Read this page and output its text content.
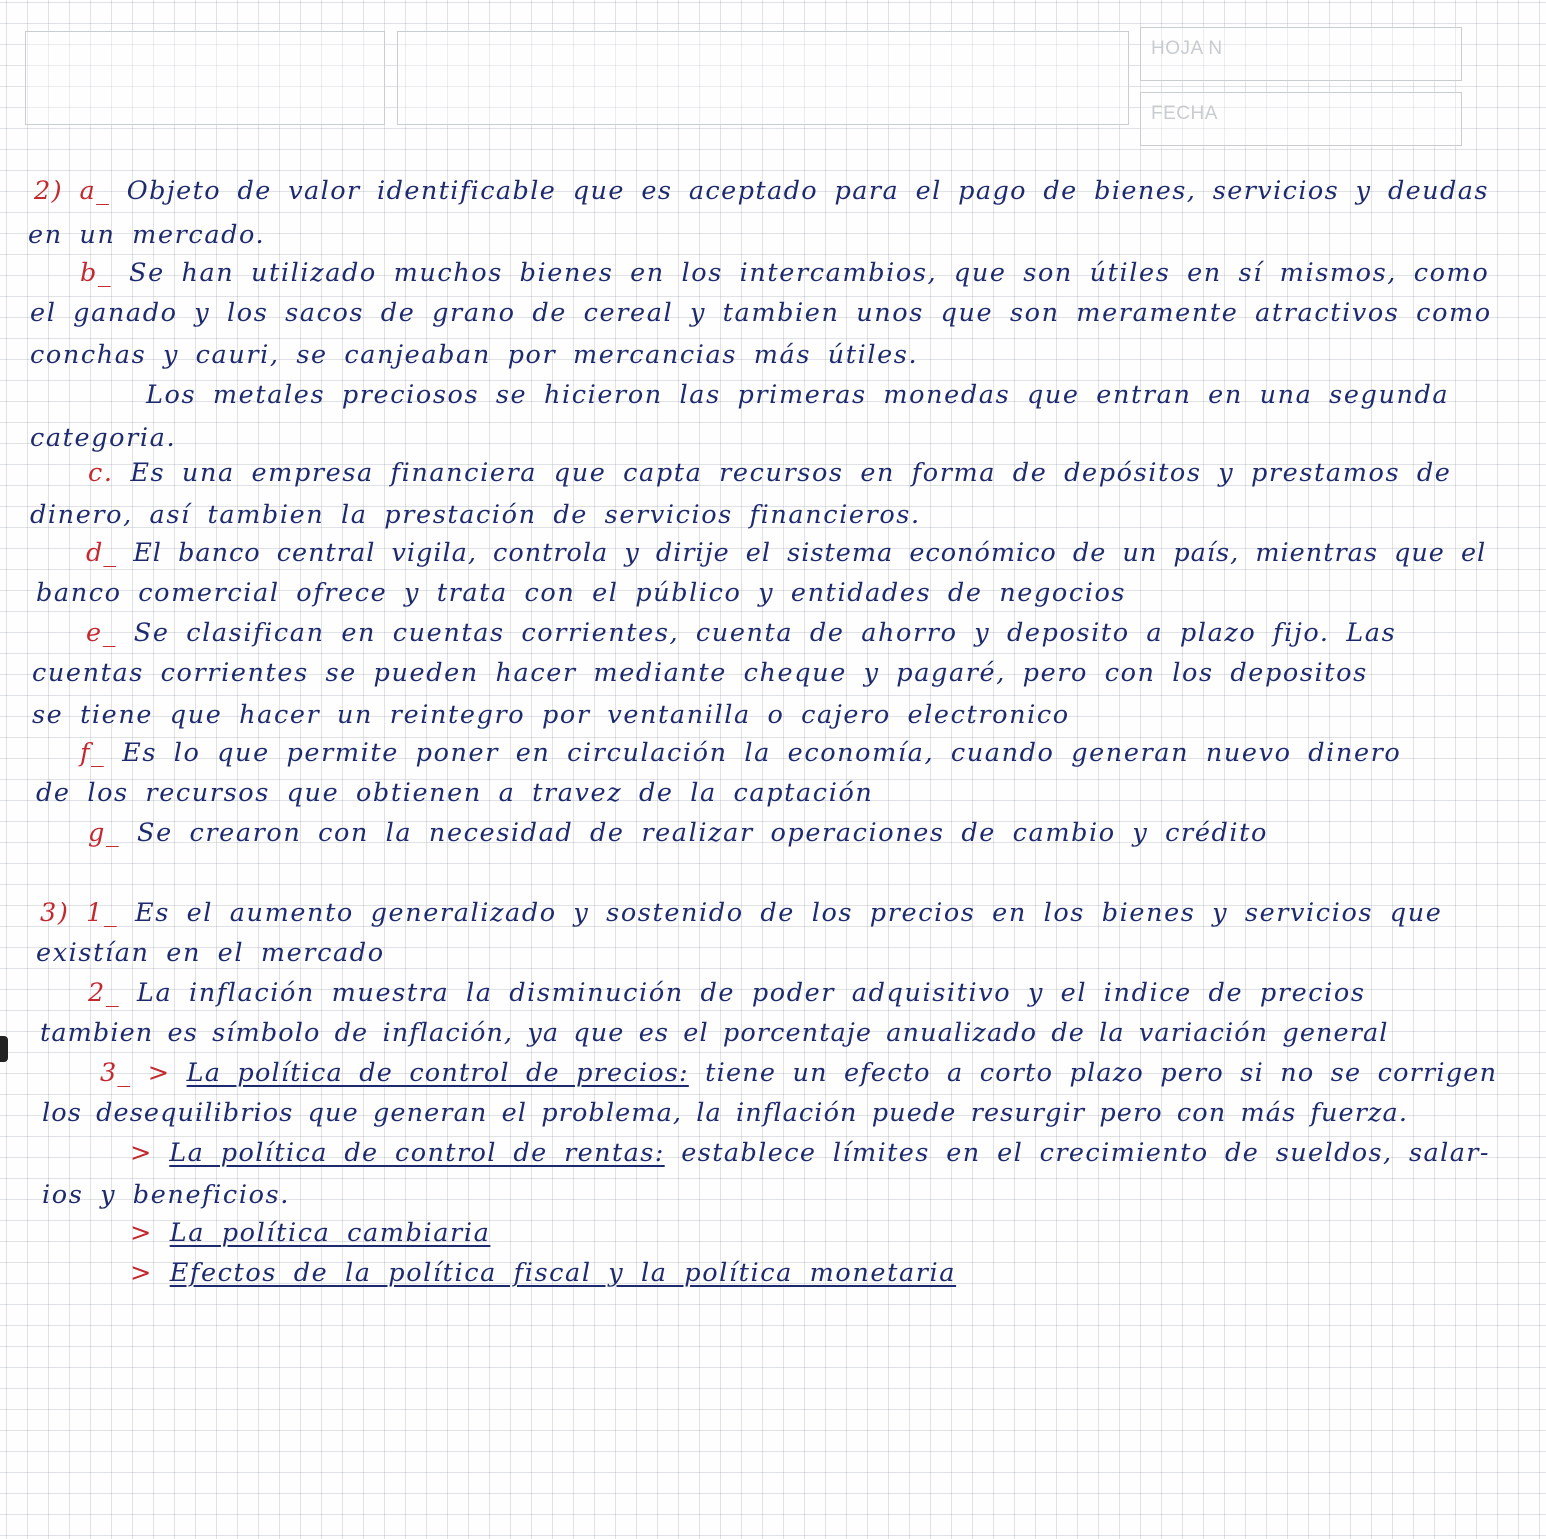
HOJA N
FECHA
2) a_ Objeto de valor identificable que es aceptado para el pago de bienes, servicios y deudas
en un mercado.
b_ Se han utilizado muchos bienes en los intercambios, que son útiles en sí mismos, como
el ganado y los sacos de grano de cereal y tambien unos que son meramente atractivos como
conchas y cauri, se canjeaban por mercancias más útiles.
Los metales preciosos se hicieron las primeras monedas que entran en una segunda
categoria.
c. Es una empresa financiera que capta recursos en forma de depósitos y prestamos de
dinero, así tambien la prestación de servicios financieros.
d_ El banco central vigila, controla y dirije el sistema económico de un país, mientras que el
banco comercial ofrece y trata con el público y entidades de negocios
e_ Se clasifican en cuentas corrientes, cuenta de ahorro y deposito a plazo fijo. Las
cuentas corrientes se pueden hacer mediante cheque y pagaré, pero con los depositos
se tiene que hacer un reintegro por ventanilla o cajero electronico
f_ Es lo que permite poner en circulación la economía, cuando generan nuevo dinero
de los recursos que obtienen a travez de la captación
g_ Se crearon con la necesidad de realizar operaciones de cambio y crédito
3) 1_ Es el aumento generalizado y sostenido de los precios en los bienes y servicios que
existían en el mercado
2_ La inflación muestra la disminución de poder adquisitivo y el indice de precios
tambien es símbolo de inflación, ya que es el porcentaje anualizado de la variación general
3_ > La política de control de precios: tiene un efecto a corto plazo pero si no se corrigen
los desequilibrios que generan el problema, la inflación puede resurgir pero con más fuerza.
> La política de control de rentas: establece límites en el crecimiento de sueldos, salar-
ios y beneficios.
> La política cambiaria
> Efectos de la política fiscal y la política monetaria
